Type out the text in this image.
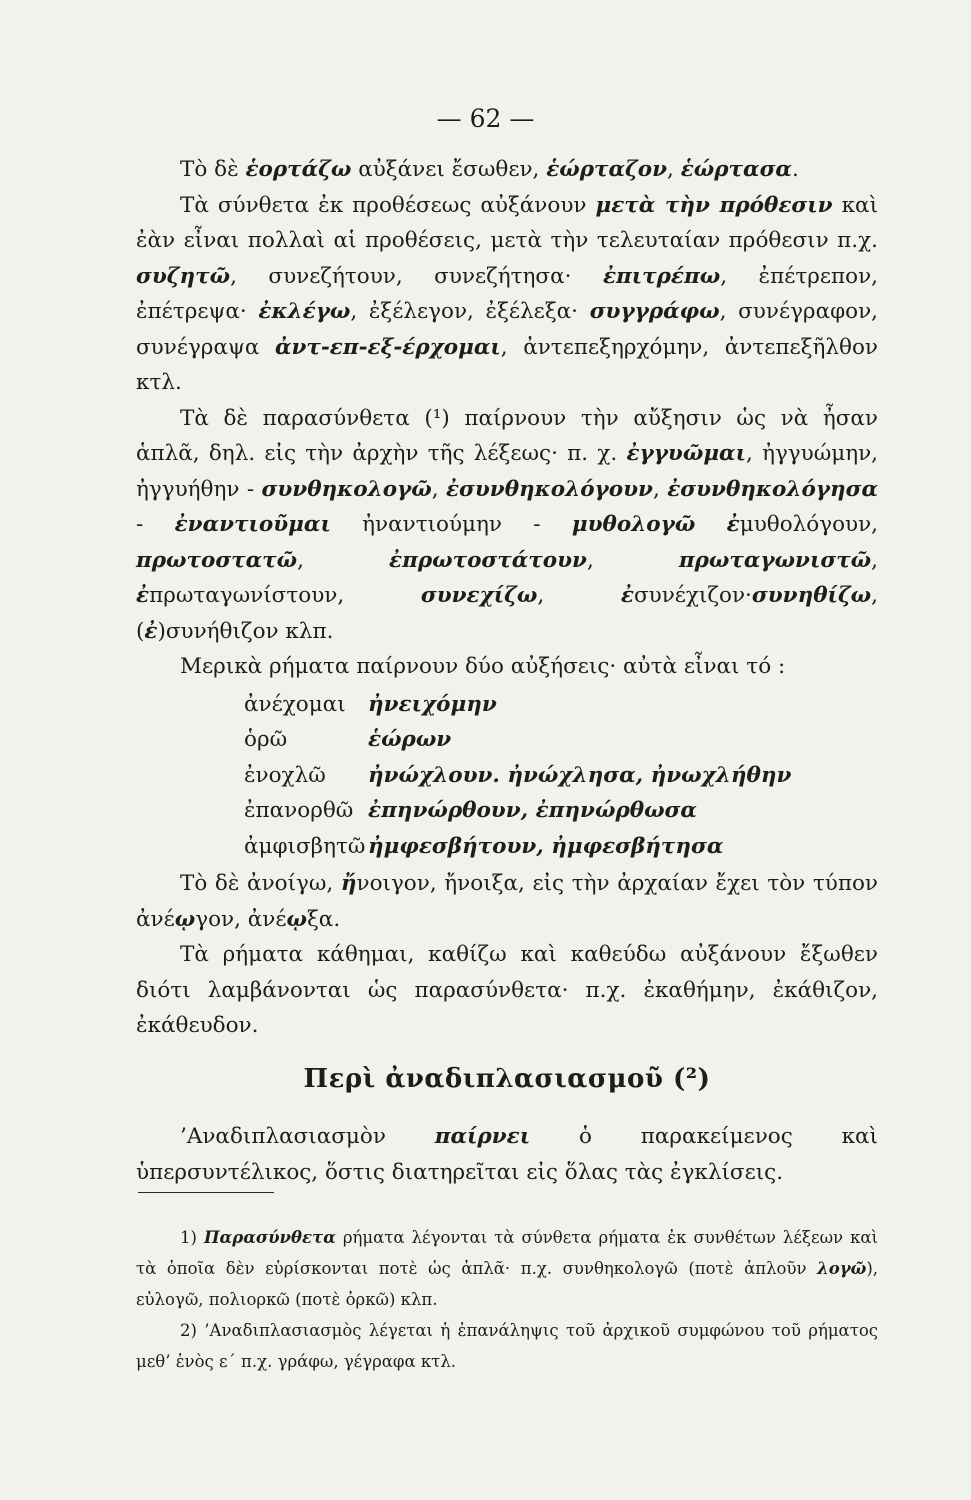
— 62 —

Τὸ δὲ ἑορτάζω αὐξάνει ἔσωθεν, ἑώρταζον, ἑώρτασα.

Τὰ σύνθετα ἐκ προθέσεως αὐξάνουν μετὰ τὴν πρόθεσιν καὶ ἐὰν εἶναι πολλαὶ αἱ προθέσεις, μετὰ τὴν τελευταίαν πρόθεσιν π.χ. συζητῶ, συνεζήτουν, συνεζήτησα· ἐπιτρέπω, ἐπέτρεπον, ἐπέτρεψα· ἐκλέγω, ἐξέλεγον, ἐξέλεξα· συγγράφω, συνέγραφον, συνέγραψα ἀντ-επ-εξ-έρχομαι, ἀντεπεξηρχόμην, ἀντεπεξῆλθον κτλ.

Τὰ δὲ παρασύνθετα (¹) παίρνουν τὴν αὔξησιν ὡς νὰ ἦσαν ἁπλᾶ, δηλ. εἰς τὴν ἀρχὴν τῆς λέξεως· π. χ. ἐγγυῶμαι, ἠγγυώμην, ἠγγυήθην - συνθηκολογῶ, ἐσυνθηκολόγουν, ἐσυνθηκολόγησα - ἐναντιοῦμαι ἠναντιούμην - μυθολογῶ ἐμυθολόγουν, πρωτοστατῶ, ἐπρωτοστάτουν, πρωταγωνιστῶ, ἐπρωταγωνίστουν, συνεχίζω, ἐσυνέχιζον·συνηθίζω, (ἐ)συνήθιζον κλπ.

Μερικὰ ρήματα παίρνουν δύο αὐξήσεις· αὐτὰ εἶναι τό :

ἀνέχομαι	ἠνειχόμην
ὁρῶ	ἑώρων
ἐνοχλῶ	ἠνώχλουν. ἠνώχλησα, ἠνωχλήθην
ἐπανορθῶ ἐπηνώρθουν, ἐπηνώρθωσα
ἀμφισβητῶ ἠμφεσβήτουν, ἠμφεσβήτησα

Τὸ δὲ ἀνοίγω, ἤνοιγον, ἤνοιξα, εἰς τὴν ἀρχαίαν ἔχει τὸν τύπον ἀνέῳγον, ἀνέῳξα.

Τὰ ρήματα κάθημαι, καθίζω καὶ καθεύδω αὐξάνουν ἔξωθεν διότι λαμβάνονται ὡς παρασύνθετα· π.χ. ἐκαθήμην, ἐκάθιζον, ἐκάθευδον.

Περὶ ἀναδιπλασιασμοῦ (²)

’Αναδιπλασιασμὸν παίρνει ὁ παρακείμενος καὶ ὑπερσυντέλικος, ὅστις διατηρεῖται εἰς ὅλας τὰς ἐγκλίσεις.

1) Παρασύνθετα ρήματα λέγονται τὰ σύνθετα ρήματα ἐκ συνθέτων λέξεων καὶ τὰ ὁποῖα δὲν εὑρίσκονται ποτὲ ὡς ἁπλᾶ· π.χ. συνθηκολογῶ (ποτὲ ἁπλοῦν λογῶ), εὐλογῶ, πολιορκῶ (ποτὲ ὀρκῶ) κλπ.

2) ’Αναδιπλασιασμὸς λέγεται ἡ ἐπανάληψις τοῦ ἀρχικοῦ συμφώνου τοῦ ρήματος μεθ’ ἑνὸς ε΄ π.χ. γράφω, γέγραφα κτλ.
